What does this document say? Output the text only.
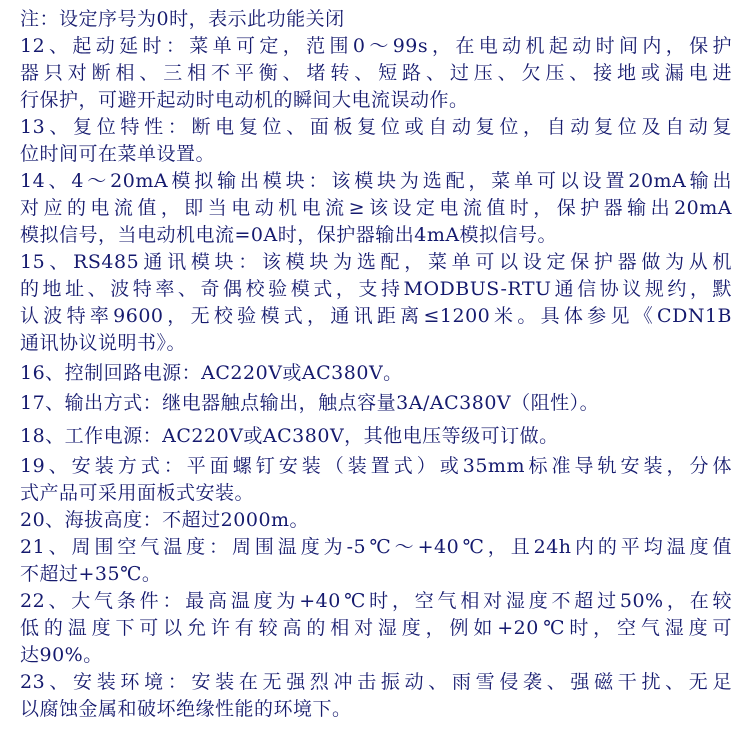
注：设定序号为0时，表示此功能关闭
12、起动延时：菜单可定，范围0～99s，在电动机起动时间内，保护
器只对断相、三相不平衡、堵转、短路、过压、欠压、接地或漏电进
行保护，可避开起动时电动机的瞬间大电流误动作。
13、复位特性：断电复位、面板复位或自动复位，自动复位及自动复
位时间可在菜单设置。
14、4～20mA模拟输出模块：该模块为选配，菜单可以设置20mA输出
对应的电流值，即当电动机电流≥该设定电流值时，保护器输出20mA
模拟信号，当电动机电流=0A时，保护器输出4mA模拟信号。
15、RS485通讯模块：该模块为选配，菜单可以设定保护器做为从机
的地址、波特率、奇偶校验模式，支持MODBUS-RTU通信协议规约，默
认波特率9600，无校验模式，通讯距离≤1200米。具体参见《CDN1B
通讯协议说明书》。
16、控制回路电源：AC220V或AC380V。
17、输出方式：继电器触点输出，触点容量3A/AC380V（阻性）。
18、工作电源：AC220V或AC380V，其他电压等级可订做。
19、安装方式：平面螺钉安装（装置式）或35mm标准导轨安装，分体
式产品可采用面板式安装。
20、海拔高度：不超过2000m。
21、周围空气温度：周围温度为-5℃～+40℃，且24h内的平均温度值
不超过+35℃。
22、大气条件：最高温度为+40℃时，空气相对湿度不超过50%，在较
低的温度下可以允许有较高的相对湿度，例如+20℃时，空气湿度可
达90%。
23、安装环境：安装在无强烈冲击振动、雨雪侵袭、强磁干扰、无足
以腐蚀金属和破坏绝缘性能的环境下。
